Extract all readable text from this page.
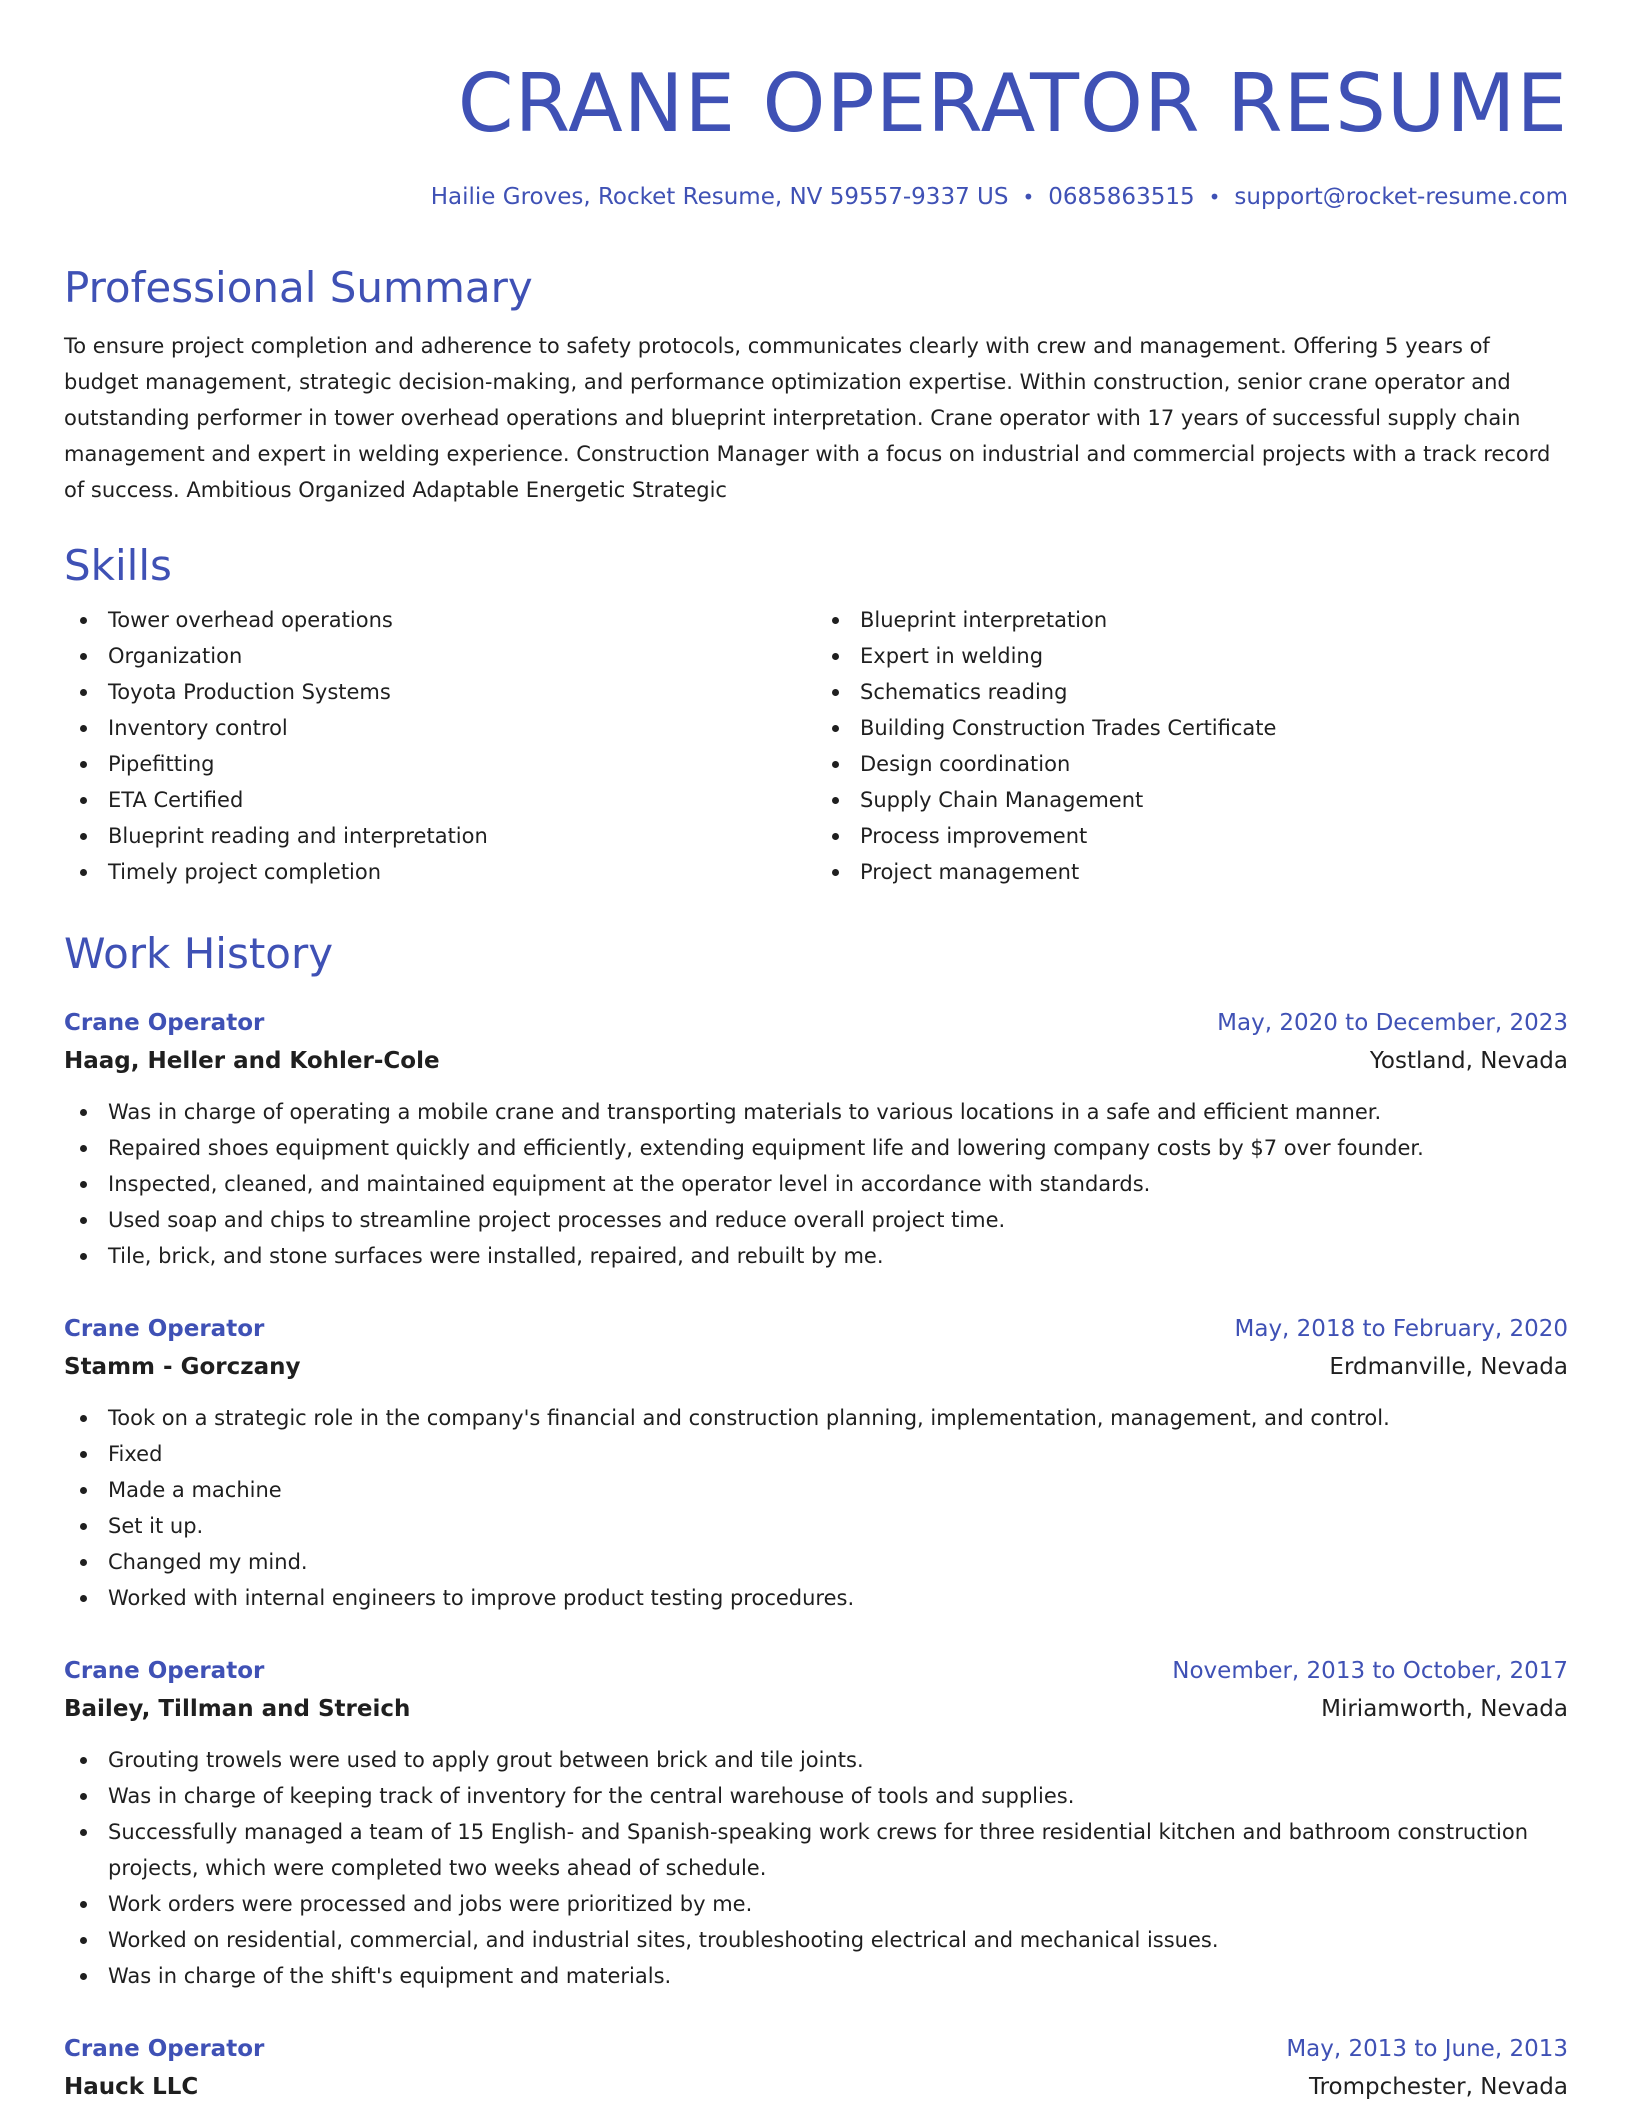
CRANE OPERATOR RESUME
Hailie Groves, Rocket Resume, NV 59557-9337 US • 0685863515 • support@rocket-resume.com
Professional Summary

To ensure project completion and adherence to safety protocols, communicates clearly with crew and management. Offering 5 years of budget management, strategic decision-making, and performance optimization expertise. Within construction, senior crane operator and outstanding performer in tower overhead operations and blueprint interpretation. Crane operator with 17 years of successful supply chain management and expert in welding experience. Construction Manager with a focus on industrial and commercial projects with a track record of success. Ambitious Organized Adaptable Energetic Strategic

Skills
Tower overhead operations
Organization
Toyota Production Systems
Inventory control
Pipefitting
ETA Certified
Blueprint reading and interpretation
Timely project completion
Blueprint interpretation
Expert in welding
Schematics reading
Building Construction Trades Certificate
Design coordination
Supply Chain Management
Process improvement
Project management
Work History
Crane Operator	May, 2020 to December, 2023
Haag, Heller and Kohler-Cole	Yostland, Nevada
Was in charge of operating a mobile crane and transporting materials to various locations in a safe and efficient manner.
Repaired shoes equipment quickly and efficiently, extending equipment life and lowering company costs by $7 over founder.
Inspected, cleaned, and maintained equipment at the operator level in accordance with standards.
Used soap and chips to streamline project processes and reduce overall project time.
Tile, brick, and stone surfaces were installed, repaired, and rebuilt by me.
Crane Operator	May, 2018 to February, 2020
Stamm - Gorczany	Erdmanville, Nevada
Took on a strategic role in the company's financial and construction planning, implementation, management, and control.
Fixed
Made a machine
Set it up.
Changed my mind.
Worked with internal engineers to improve product testing procedures.
Crane Operator	November, 2013 to October, 2017
Bailey, Tillman and Streich	Miriamworth, Nevada
Grouting trowels were used to apply grout between brick and tile joints.
Was in charge of keeping track of inventory for the central warehouse of tools and supplies.
Successfully managed a team of 15 English- and Spanish-speaking work crews for three residential kitchen and bathroom construction projects, which were completed two weeks ahead of schedule.
Work orders were processed and jobs were prioritized by me.
Worked on residential, commercial, and industrial sites, troubleshooting electrical and mechanical issues.
Was in charge of the shift's equipment and materials.
Crane Operator	May, 2013 to June, 2013
Hauck LLC	Trompchester, Nevada
